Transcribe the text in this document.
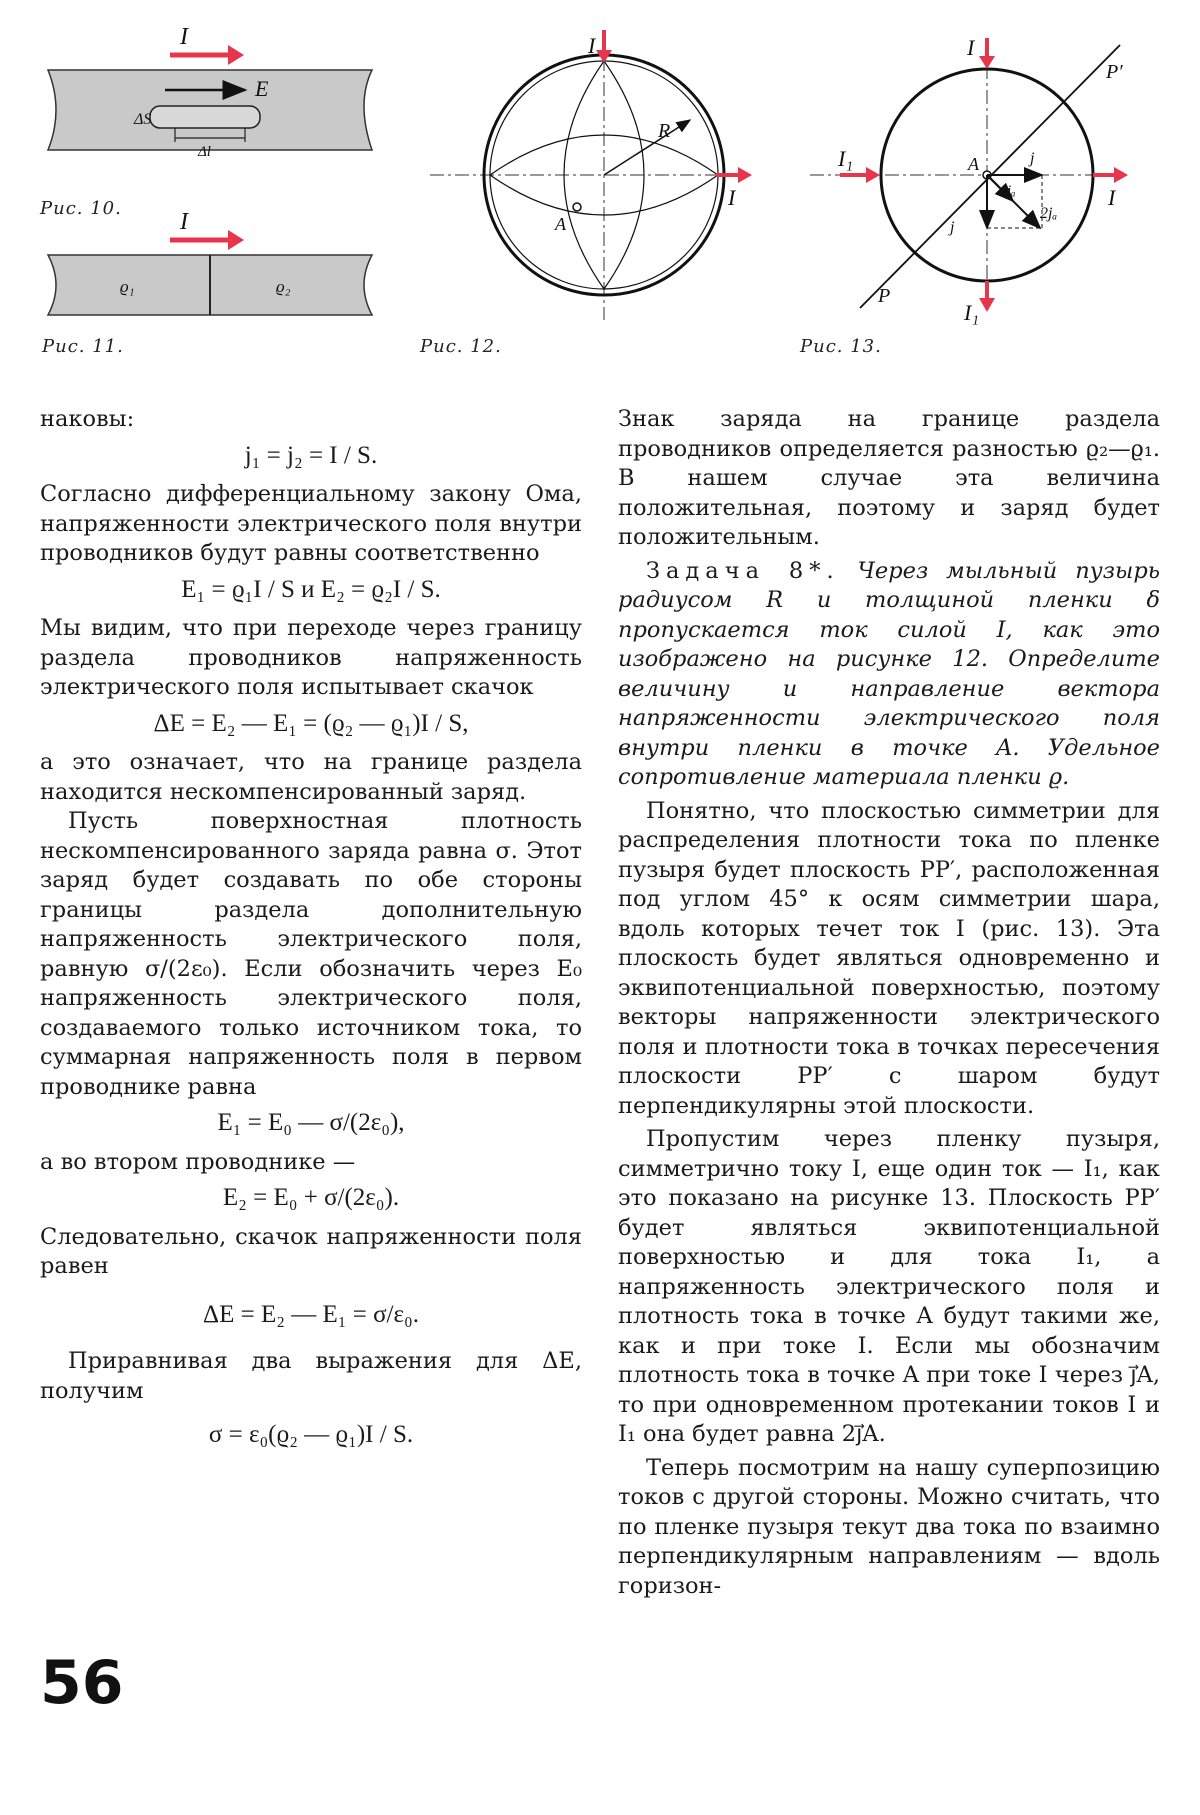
E
ΔS
Δl
I
ϱ₁	ϱ₂
I
R
A
I
I
P
P′
A	j
j
jₐ
2jₐ
I
I
I₁
I₁
Рис. 10.
Рис. 11.	Рис. 12.	Рис. 13.

наковы:

j₁ = j₂ = I / S.

Согласно дифференциальному закону Ома, напряженности электрического поля внутри проводников будут равны соответственно

E₁ = ϱ₁I / S и E₂ = ϱ₂I / S.

Мы видим, что при переходе через границу раздела проводников напряженность электрического поля испытывает скачок

ΔE = E₂ — E₁ = (ϱ₂ — ϱ₁)I / S,

а это означает, что на границе раздела находится нескомпенсированный заряд.

Пусть поверхностная плотность нескомпенсированного заряда равна σ. Этот заряд будет создавать по обе стороны границы раздела дополнительную напряженность электрического поля, равную σ/(2ε₀). Если обозначить через E₀ напряженность электрического поля, создаваемого только источником тока, то суммарная напряженность поля в первом проводнике равна

E₁ = E₀ — σ/(2ε₀),

а во втором проводнике —

E₂ = E₀ + σ/(2ε₀).

Следовательно, скачок напряженности поля равен

ΔE = E₂ — E₁ = σ/ε₀.

Приравнивая два выражения для ΔE, получим

σ = ε₀(ϱ₂ — ϱ₁)I / S.

Знак заряда на границе раздела проводников определяется разностью ϱ₂—ϱ₁. В нашем случае эта величина положительная, поэтому и заряд будет положительным.

Задача 8*. Через мыльный пузырь радиусом R и толщиной пленки δ пропускается ток силой I, как это изображено на рисунке 12. Определите величину и направление вектора напряженности электрического поля внутри пленки в точке A. Удельное сопротивление материала пленки ϱ.

Понятно, что плоскостью симметрии для распределения плотности тока по пленке пузыря будет плоскость PP′, расположенная под углом 45° к осям симметрии шара, вдоль которых течет ток I (рис. 13). Эта плоскость будет являться одновременно и эквипотенциальной поверхностью, поэтому векторы напряженности электрического поля и плотности тока в точках пересечения плоскости PP′ с шаром будут перпендикулярны этой плоскости.

Пропустим через пленку пузыря, симметрично току I, еще один ток — I₁, как это показано на рисунке 13. Плоскость PP′ будет являться эквипотенциальной поверхностью и для тока I₁, а напряженность электрического поля и плотность тока в точке A будут такими же, как и при токе I. Если мы обозначим плотность тока в точке A при токе I через j⃗A, то при одновременном протекании токов I и I₁ она будет равна 2j⃗A.

Теперь посмотрим на нашу суперпозицию токов с другой стороны. Можно считать, что по пленке пузыря текут два тока по взаимно перпендикулярным направлениям — вдоль горизон-

56
